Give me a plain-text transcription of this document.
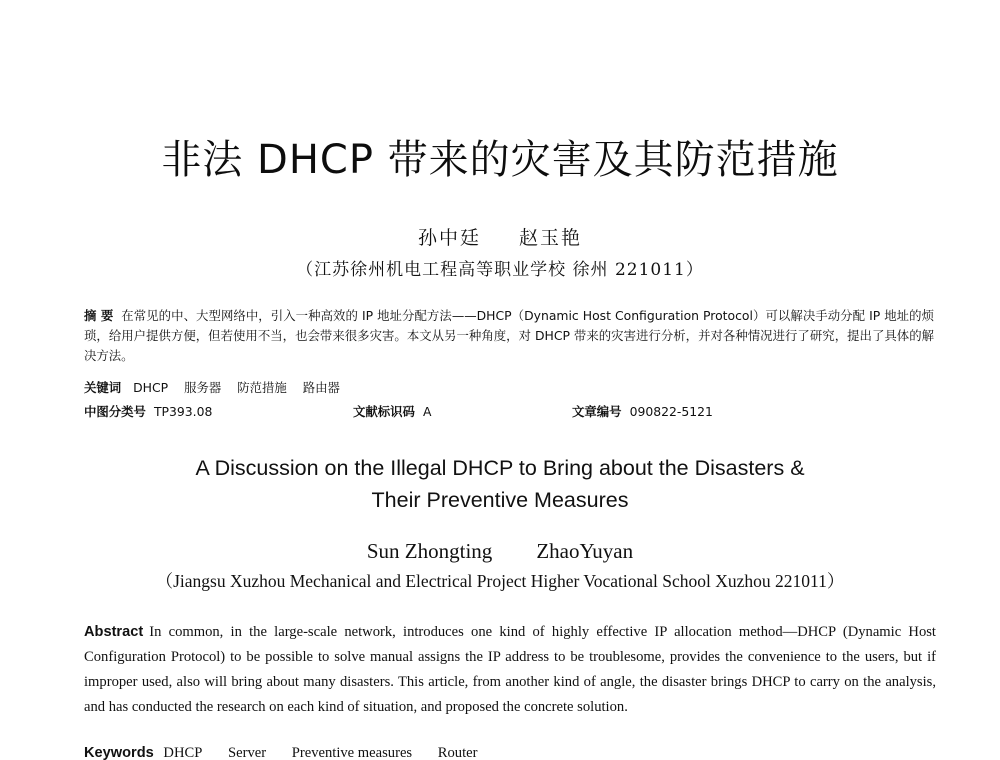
非法 DHCP 带来的灾害及其防范措施
孙中廷 赵玉艳
（江苏徐州机电工程高等职业学校 徐州 221011）
摘 要 在常见的中、大型网络中，引入一种高效的 IP 地址分配方法——DHCP（Dynamic Host Configuration Protocol）可以解决手动分配 IP 地址的烦琐，给用户提供方便，但若使用不当，也会带来很多灾害。本文从另一种角度，对 DHCP 带来的灾害进行分析，并对各种情况进行了研究，提出了具体的解决方法。
关键词 DHCP 服务器 防范措施 路由器
中图分类号 TP393.08	文献标识码 A	文章编号 090822-5121
A Discussion on the Illegal DHCP to Bring about the Disasters &
Their Preventive Measures
Sun Zhongting ZhaoYuyan
（Jiangsu Xuzhou Mechanical and Electrical Project Higher Vocational School Xuzhou 221011）
Abstract In common, in the large-scale network, introduces one kind of highly effective IP allocation method—DHCP (Dynamic Host Configuration Protocol) to be possible to solve manual assigns the IP address to be troublesome, provides the convenience to the users, but if improper used, also will bring about many disasters. This article, from another kind of angle, the disaster brings DHCP to carry on the analysis, and has conducted the research on each kind of situation, and proposed the concrete solution.
Keywords DHCP Server Preventive measures Router
